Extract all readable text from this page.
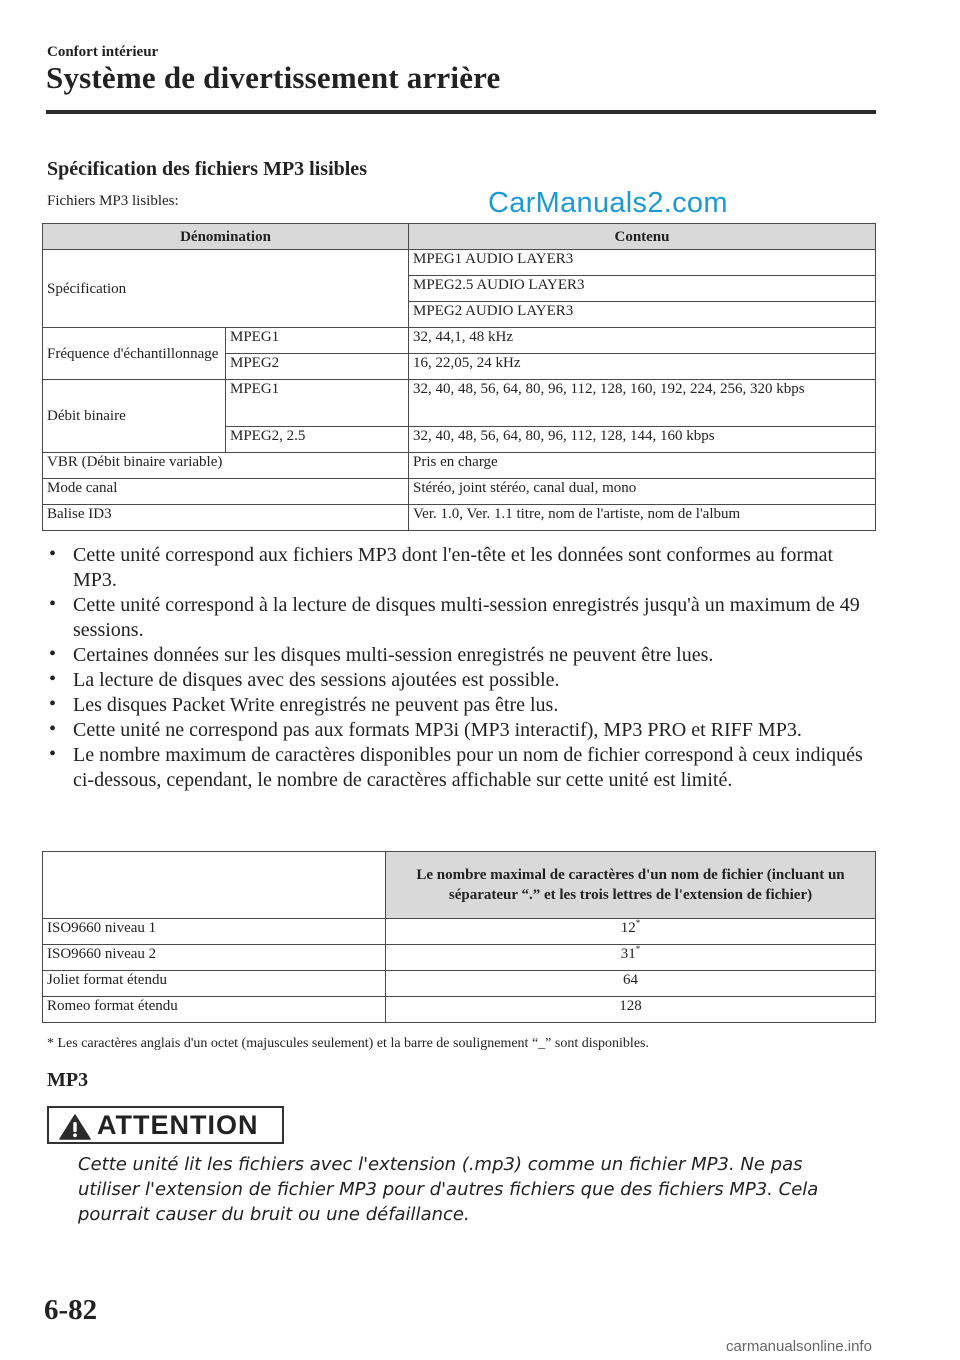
Confort intérieur
Système de divertissement arrière
Spécification des fichiers MP3 lisibles
Fichiers MP3 lisibles:	CarManuals2.com
Dénomination		Contenu
Spécification		MPEG1 AUDIO LAYER3
		MPEG2.5 AUDIO LAYER3
		MPEG2 AUDIO LAYER3
Fréquence d'échantillonnage	MPEG1	32, 44,1, 48 kHz
	MPEG2	16, 22,05, 24 kHz
Débit binaire	MPEG1	32, 40, 48, 56, 64, 80, 96, 112, 128, 160, 192, 224, 256, 320 kbps
	MPEG2, 2.5	32, 40, 48, 56, 64, 80, 96, 112, 128, 144, 160 kbps
VBR (Débit binaire variable)		Pris en charge
Mode canal		Stéréo, joint stéréo, canal dual, mono
Balise ID3		Ver. 1.0, Ver. 1.1 titre, nom de l'artiste, nom de l'album
• Cette unité correspond aux fichiers MP3 dont l'en-tête et les données sont conformes au format MP3.
• Cette unité correspond à la lecture de disques multi-session enregistrés jusqu'à un maximum de 49 sessions.
• Certaines données sur les disques multi-session enregistrés ne peuvent être lues.
• La lecture de disques avec des sessions ajoutées est possible.
• Les disques Packet Write enregistrés ne peuvent pas être lus.
• Cette unité ne correspond pas aux formats MP3i (MP3 interactif), MP3 PRO et RIFF MP3.
• Le nombre maximum de caractères disponibles pour un nom de fichier correspond à ceux indiqués ci-dessous, cependant, le nombre de caractères affichable sur cette unité est limité.
	Le nombre maximal de caractères d'un nom de fichier (incluant un séparateur “.” et les trois lettres de l'extension de fichier)
ISO9660 niveau 1	12*
ISO9660 niveau 2	31*
Joliet format étendu	64
Romeo format étendu	128
* Les caractères anglais d'un octet (majuscules seulement) et la barre de soulignement “_” sont disponibles.
MP3
ATTENTION
Cette unité lit les fichiers avec l'extension (.mp3) comme un fichier MP3. Ne pas utiliser l'extension de fichier MP3 pour d'autres fichiers que des fichiers MP3. Cela pourrait causer du bruit ou une défaillance.
6-82
carmanualsonline.info
